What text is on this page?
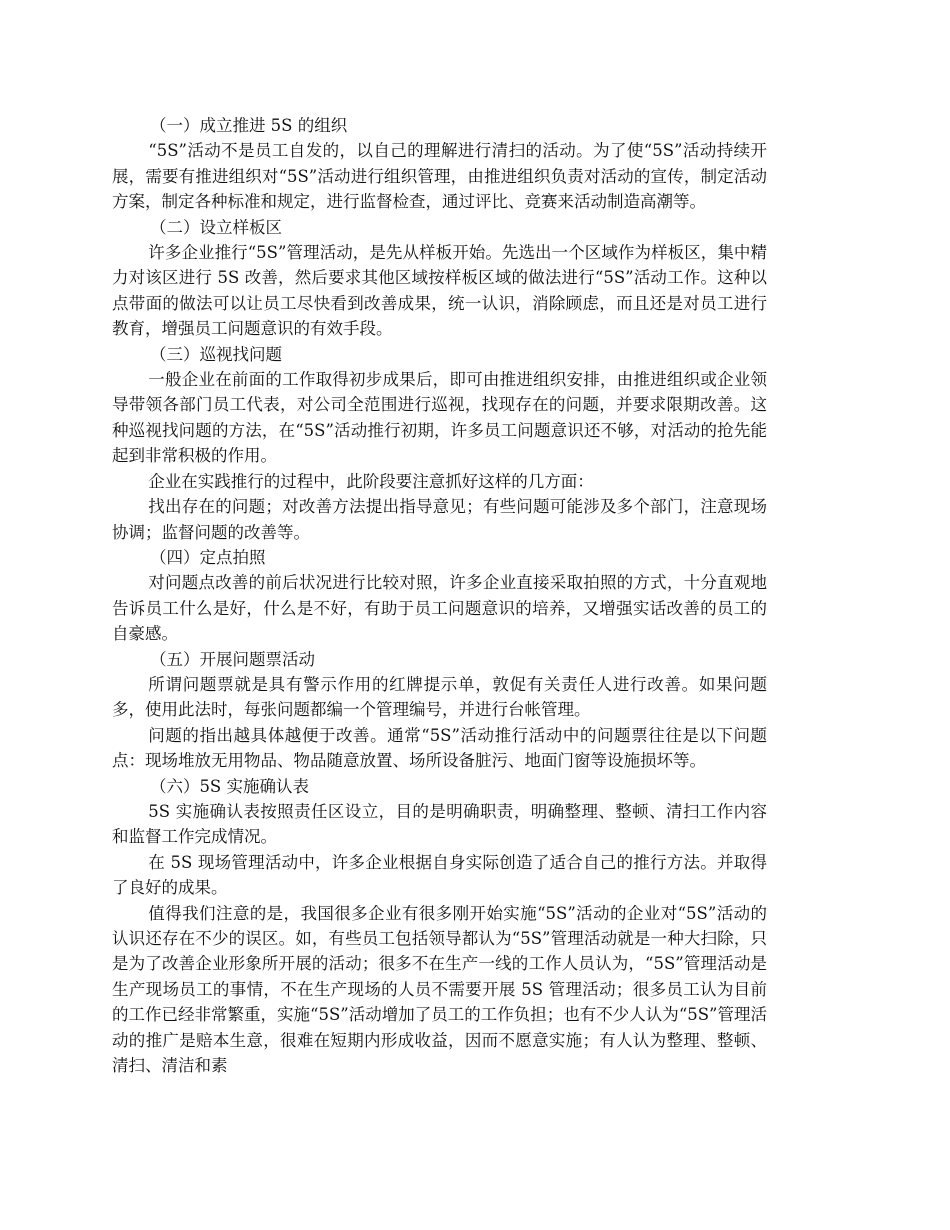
（一）成立推进 5S 的组织

“5S”活动不是员工自发的，以自己的理解进行清扫的活动。为了使“5S”活动持续开展，需要有推进组织对“5S”活动进行组织管理，由推进组织负责对活动的宣传，制定活动方案，制定各种标准和规定，进行监督检查，通过评比、竞赛来活动制造高潮等。

（二）设立样板区

许多企业推行“5S”管理活动，是先从样板开始。先选出一个区域作为样板区，集中精力对该区进行 5S 改善，然后要求其他区域按样板区域的做法进行“5S”活动工作。这种以点带面的做法可以让员工尽快看到改善成果，统一认识，消除顾虑，而且还是对员工进行教育，增强员工问题意识的有效手段。

（三）巡视找问题

一般企业在前面的工作取得初步成果后，即可由推进组织安排，由推进组织或企业领导带领各部门员工代表，对公司全范围进行巡视，找现存在的问题，并要求限期改善。这种巡视找问题的方法，在“5S”活动推行初期，许多员工问题意识还不够，对活动的抢先能起到非常积极的作用。

企业在实践推行的过程中，此阶段要注意抓好这样的几方面：

找出存在的问题；对改善方法提出指导意见；有些问题可能涉及多个部门，注意现场协调；监督问题的改善等。

（四）定点拍照

对问题点改善的前后状况进行比较对照，许多企业直接采取拍照的方式，十分直观地告诉员工什么是好，什么是不好，有助于员工问题意识的培养，又增强实话改善的员工的自豪感。

（五）开展问题票活动

所谓问题票就是具有警示作用的红牌提示单，敦促有关责任人进行改善。如果问题多，使用此法时，每张问题都编一个管理编号，并进行台帐管理。

问题的指出越具体越便于改善。通常“5S”活动推行活动中的问题票往往是以下问题点：现场堆放无用物品、物品随意放置、场所设备脏污、地面门窗等设施损坏等。

（六）5S 实施确认表

5S 实施确认表按照责任区设立，目的是明确职责，明确整理、整顿、清扫工作内容和监督工作完成情况。

在 5S 现场管理活动中，许多企业根据自身实际创造了适合自己的推行方法。并取得了良好的成果。

值得我们注意的是，我国很多企业有很多刚开始实施“5S”活动的企业对“5S”活动的认识还存在不少的误区。如，有些员工包括领导都认为“5S”管理活动就是一种大扫除，只是为了改善企业形象所开展的活动；很多不在生产一线的工作人员认为，“5S”管理活动是生产现场员工的事情，不在生产现场的人员不需要开展 5S 管理活动；很多员工认为目前的工作已经非常繁重，实施“5S”活动增加了员工的工作负担；也有不少人认为“5S”管理活动的推广是赔本生意，很难在短期内形成收益，因而不愿意实施；有人认为整理、整顿、清扫、清洁和素
